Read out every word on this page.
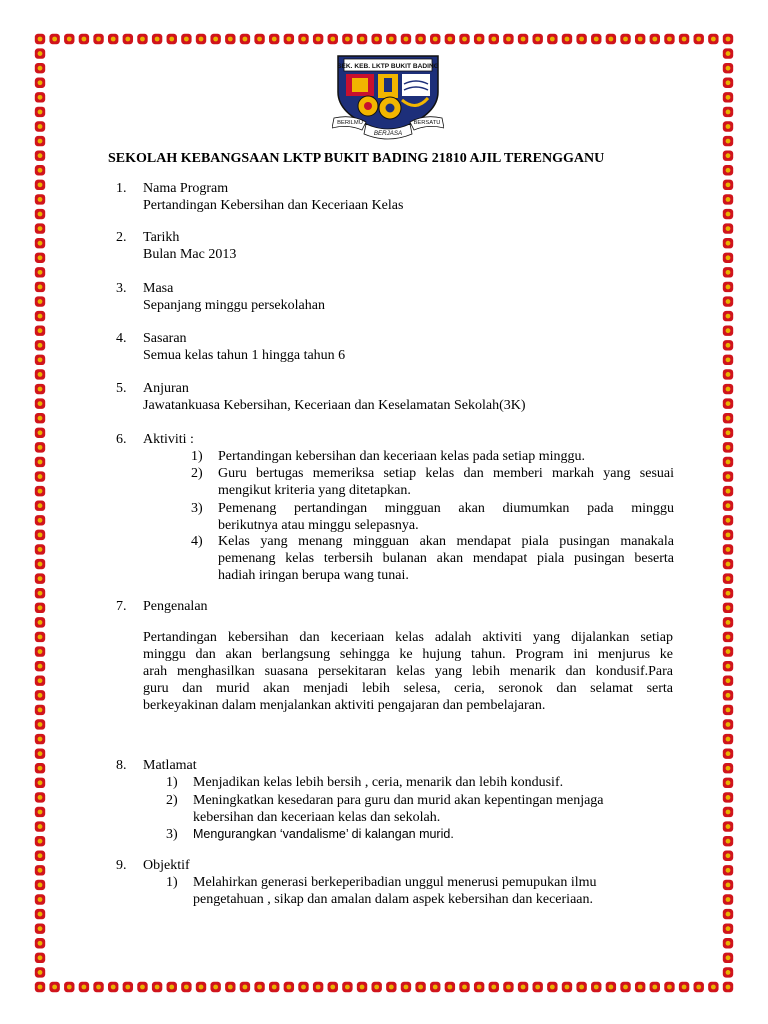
SEK. KEB. LKTP BUKIT BADING
BERILMU
BERJASA
BERSATU
SEKOLAH KEBANGSAAN LKTP BUKIT BADING 21810 AJIL TERENGGANU
1.	Nama Program
Pertandingan Kebersihan dan Keceriaan Kelas
2.	Tarikh
Bulan Mac 2013
3.	Masa
Sepanjang minggu persekolahan
4.	Sasaran
Semua kelas tahun 1 hingga tahun 6
5.	Anjuran
Jawatankuasa Kebersihan, Keceriaan dan Keselamatan Sekolah(3K)
6.	Aktiviti :
1)	Pertandingan kebersihan dan keceriaan kelas pada setiap minggu.
2)	Guru bertugas memeriksa setiap kelas dan memberi markah yang sesuai
mengikut kriteria yang ditetapkan.
3)	Pemenang pertandingan mingguan akan diumumkan pada minggu
berikutnya atau minggu selepasnya.
4)	Kelas yang menang mingguan akan mendapat piala pusingan manakala
pemenang kelas terbersih bulanan akan mendapat piala pusingan beserta
hadiah iringan berupa wang tunai.
7.	Pengenalan
Pertandingan kebersihan dan keceriaan kelas adalah aktiviti yang dijalankan setiap
minggu dan akan berlangsung sehingga ke hujung tahun. Program ini menjurus ke
arah menghasilkan suasana persekitaran kelas yang lebih menarik dan kondusif.Para
guru dan murid akan menjadi lebih selesa, ceria, seronok dan selamat serta
berkeyakinan dalam menjalankan aktiviti pengajaran dan pembelajaran.
8.	Matlamat
1)	Menjadikan kelas lebih bersih , ceria, menarik dan lebih kondusif.
2)	Meningkatkan kesedaran para guru dan murid akan kepentingan menjaga
kebersihan dan keceriaan kelas dan sekolah.
3)	Mengurangkan ‘vandalisme’ di kalangan murid.
9.	Objektif
1)	Melahirkan generasi berkeperibadian unggul menerusi pemupukan ilmu
pengetahuan , sikap dan amalan dalam aspek kebersihan dan keceriaan.
